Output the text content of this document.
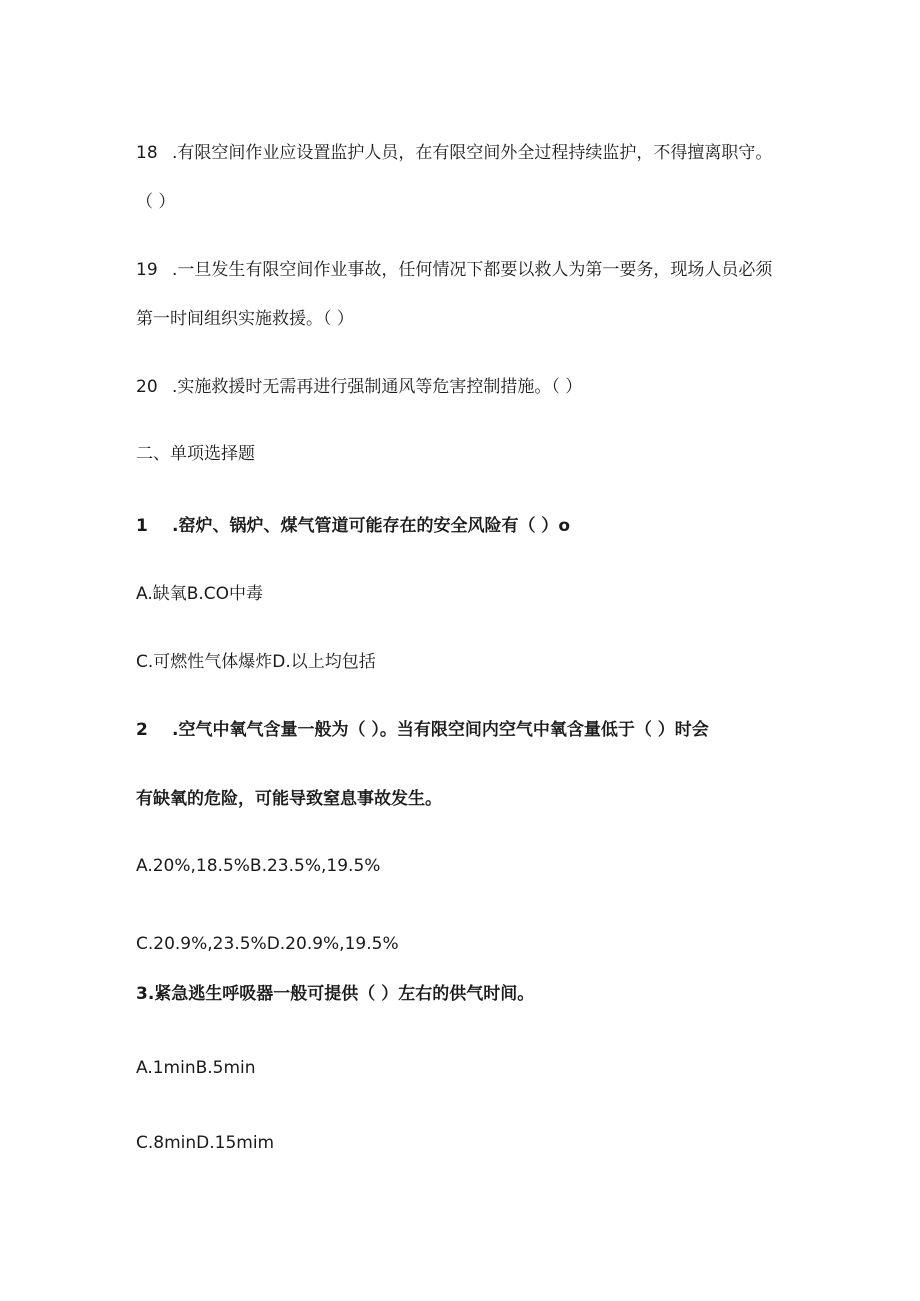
18 .有限空间作业应设置监护人员，在有限空间外全过程持续监护，不得擅离职守。
（ ）
19 .一旦发生有限空间作业事故，任何情况下都要以救人为第一要务，现场人员必须
第一时间组织实施救援。（ ）
20 .实施救援时无需再进行强制通风等危害控制措施。（ ）
二、单项选择题
1 .窑炉、锅炉、煤气管道可能存在的安全风险有（ ）o
A.缺氧B.CO中毒
C.可燃性气体爆炸D.以上均包括
2 .空气中氧气含量一般为（ ）。当有限空间内空气中氧含量低于（ ）时会
有缺氧的危险，可能导致窒息事故发生。
A.20%,18.5%B.23.5%,19.5%
C.20.9%,23.5%D.20.9%,19.5%
3.紧急逃生呼吸器一般可提供（ ）左右的供气时间。
A.1minB.5min
C.8minD.15mim
